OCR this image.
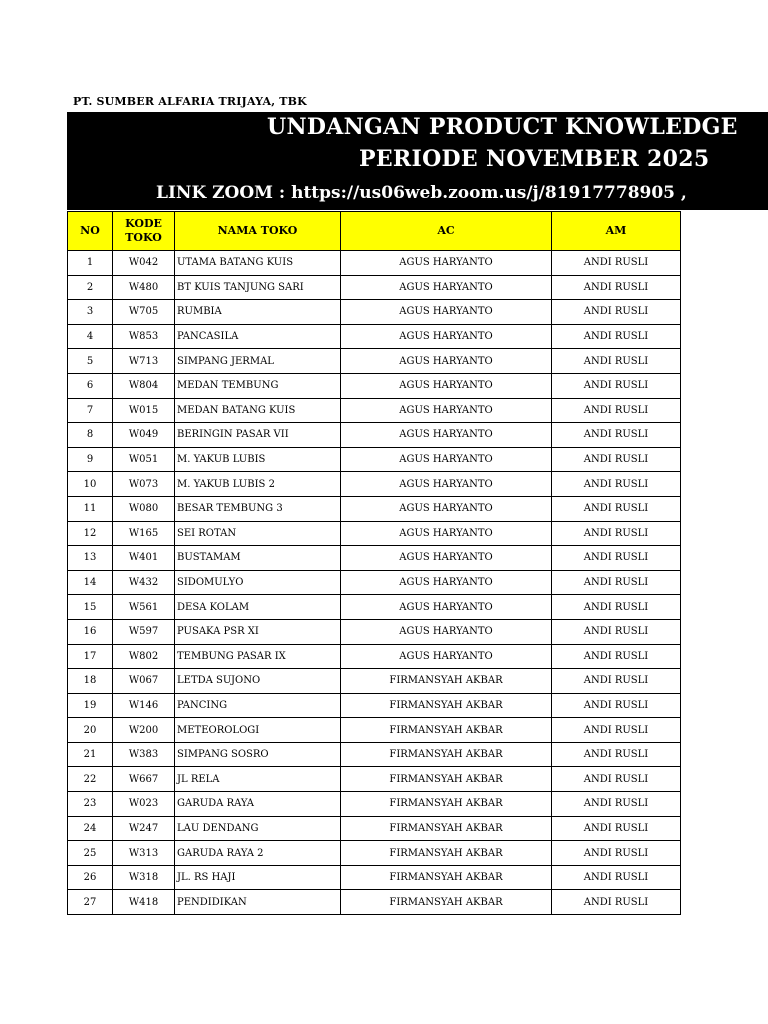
PT. SUMBER ALFARIA TRIJAYA, TBK
UNDANGAN PRODUCT KNOWLEDGE
PERIODE NOVEMBER 2025
LINK ZOOM : https://us06web.zoom.us/j/81917778905 ,
NO	KODE TOKO	NAMA TOKO	AC	AM
1	W042	UTAMA BATANG KUIS	AGUS HARYANTO	ANDI RUSLI
2	W480	BT KUIS TANJUNG SARI	AGUS HARYANTO	ANDI RUSLI
3	W705	RUMBIA	AGUS HARYANTO	ANDI RUSLI
4	W853	PANCASILA	AGUS HARYANTO	ANDI RUSLI
5	W713	SIMPANG JERMAL	AGUS HARYANTO	ANDI RUSLI
6	W804	MEDAN TEMBUNG	AGUS HARYANTO	ANDI RUSLI
7	W015	MEDAN BATANG KUIS	AGUS HARYANTO	ANDI RUSLI
8	W049	BERINGIN PASAR VII	AGUS HARYANTO	ANDI RUSLI
9	W051	M. YAKUB LUBIS	AGUS HARYANTO	ANDI RUSLI
10	W073	M. YAKUB LUBIS 2	AGUS HARYANTO	ANDI RUSLI
11	W080	BESAR TEMBUNG 3	AGUS HARYANTO	ANDI RUSLI
12	W165	SEI ROTAN	AGUS HARYANTO	ANDI RUSLI
13	W401	BUSTAMAM	AGUS HARYANTO	ANDI RUSLI
14	W432	SIDOMULYO	AGUS HARYANTO	ANDI RUSLI
15	W561	DESA KOLAM	AGUS HARYANTO	ANDI RUSLI
16	W597	PUSAKA PSR XI	AGUS HARYANTO	ANDI RUSLI
17	W802	TEMBUNG PASAR IX	AGUS HARYANTO	ANDI RUSLI
18	W067	LETDA SUJONO	FIRMANSYAH AKBAR	ANDI RUSLI
19	W146	PANCING	FIRMANSYAH AKBAR	ANDI RUSLI
20	W200	METEOROLOGI	FIRMANSYAH AKBAR	ANDI RUSLI
21	W383	SIMPANG SOSRO	FIRMANSYAH AKBAR	ANDI RUSLI
22	W667	JL RELA	FIRMANSYAH AKBAR	ANDI RUSLI
23	W023	GARUDA RAYA	FIRMANSYAH AKBAR	ANDI RUSLI
24	W247	LAU DENDANG	FIRMANSYAH AKBAR	ANDI RUSLI
25	W313	GARUDA RAYA 2	FIRMANSYAH AKBAR	ANDI RUSLI
26	W318	JL. RS HAJI	FIRMANSYAH AKBAR	ANDI RUSLI
27	W418	PENDIDIKAN	FIRMANSYAH AKBAR	ANDI RUSLI
